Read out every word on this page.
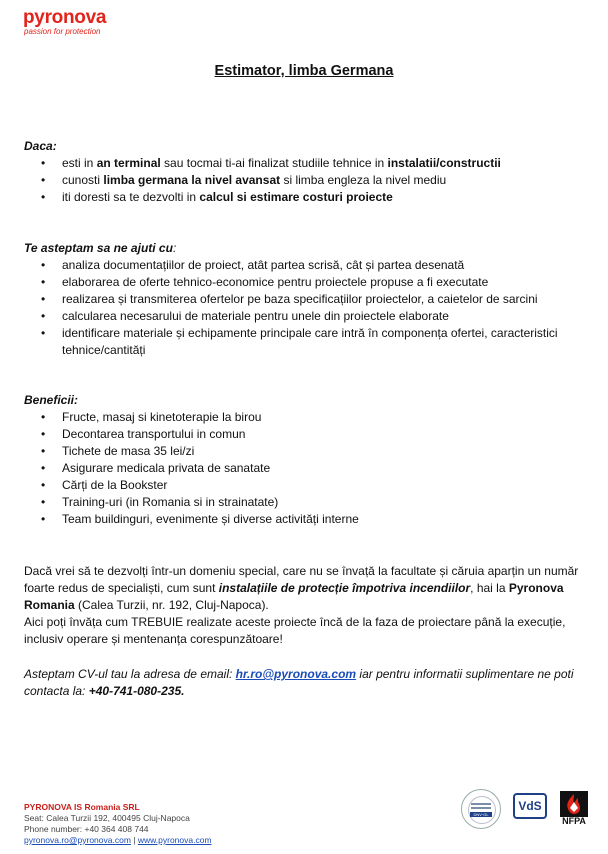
pyronova
passion for protection
Estimator, limba Germana
Daca:
• esti in an terminal sau tocmai ti-ai finalizat studiile tehnice in instalatii/constructii
• cunosti limba germana la nivel avansat si limba engleza la nivel mediu
• iti doresti sa te dezvolti in calcul si estimare costuri proiecte
Te asteptam sa ne ajuti cu:
• analiza documentațiilor de proiect, atât partea scrisă, cât și partea desenată
• elaborarea de oferte tehnico-economice pentru proiectele propuse a fi executate
• realizarea și transmiterea ofertelor pe baza specificațiilor proiectelor, a caietelor de sarcini
• calcularea necesarului de materiale pentru unele din proiectele elaborate
• identificare materiale și echipamente principale care intră în componența ofertei, caracteristici tehnice/cantități
Beneficii:
• Fructe, masaj si kinetoterapie la birou
• Decontarea transportului in comun
• Tichete de masa 35 lei/zi
• Asigurare medicala privata de sanatate
• Cărți de la Bookster
• Training-uri (in Romania si in strainatate)
• Team buildinguri, evenimente și diverse activități interne

Dacă vrei să te dezvolți într-un domeniu special, care nu se învață la facultate și căruia aparțin un număr foarte redus de specialiști, cum sunt instalațiile de protecție împotriva incendiilor, hai la Pyronova Romania (Calea Turzii, nr. 192, Cluj-Napoca).

Aici poți învăța cum TREBUIE realizate aceste proiecte încă de la faza de proiectare până la execuție, inclusiv operare și mentenanța corespunzătoare!

Asteptam CV-ul tau la adresa de email: hr.ro@pyronova.com iar pentru informatii suplimentare ne poti contacta la: +40-741-080-235.

PYRONOVA IS Romania SRL
Seat: Calea Turzii 192, 400495 Cluj-Napoca
Phone number: +40 364 408 744
pyronova.ro@pyronova.com | www.pyronova.com
DNV·GL
VdS
NFPA
